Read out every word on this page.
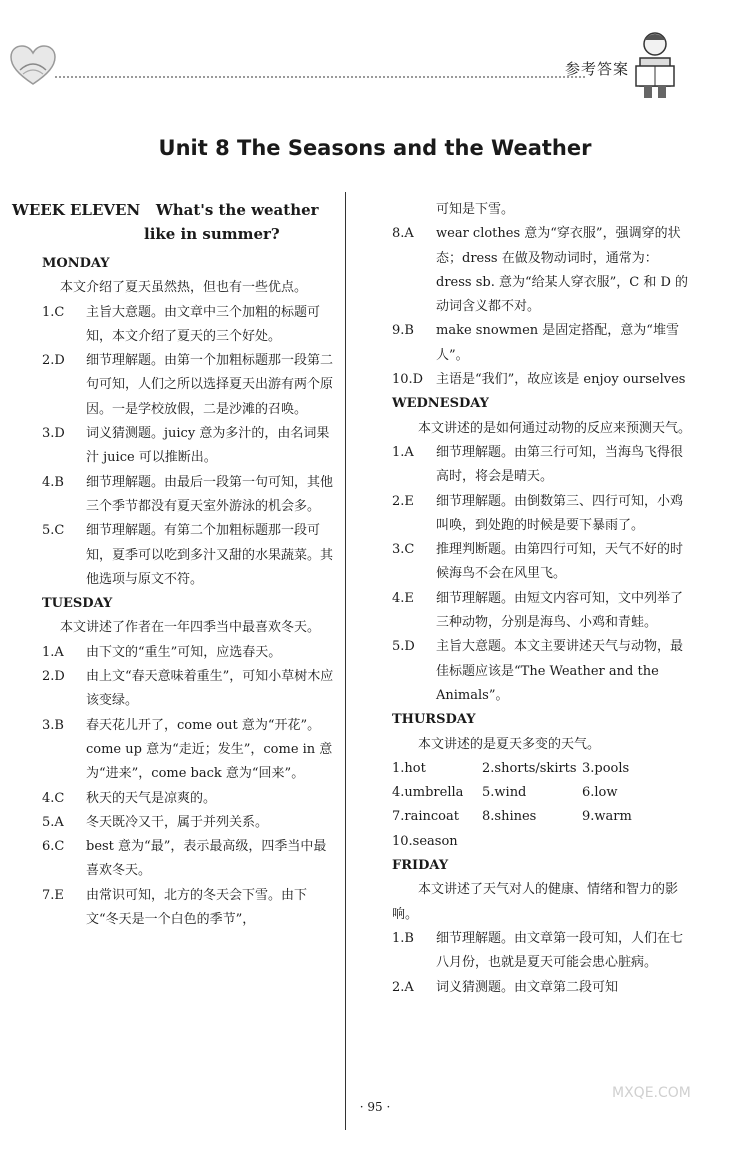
参考答案
Unit 8 The Seasons and the Weather
WEEK ELEVEN What's the weather
like in summer?
MONDAY
本文介绍了夏天虽然热，但也有一些优点。
1.C	主旨大意题。由文章中三个加粗的标题可知，本文介绍了夏天的三个好处。
2.D	细节理解题。由第一个加粗标题那一段第二句可知，人们之所以选择夏天出游有两个原因。一是学校放假，二是沙滩的召唤。
3.D	词义猜测题。juicy 意为多汁的，由名词果汁 juice 可以推断出。
4.B	细节理解题。由最后一段第一句可知，其他三个季节都没有夏天室外游泳的机会多。
5.C	细节理解题。有第二个加粗标题那一段可知，夏季可以吃到多汁又甜的水果蔬菜。其他选项与原文不符。
TUESDAY
本文讲述了作者在一年四季当中最喜欢冬天。
1.A	由下文的“重生”可知，应选春天。
2.D	由上文“春天意味着重生”，可知小草树木应该变绿。
3.B	春天花儿开了，come out 意为“开花”。come up 意为“走近；发生”，come in 意为“进来”，come back 意为“回来”。
4.C	秋天的天气是凉爽的。
5.A	冬天既冷又干，属于并列关系。
6.C	best 意为“最”，表示最高级，四季当中最喜欢冬天。
7.E	由常识可知，北方的冬天会下雪。由下文“冬天是一个白色的季节”，
可知是下雪。
8.A	wear clothes 意为“穿衣服”，强调穿的状态；dress 在做及物动词时，通常为：dress sb. 意为“给某人穿衣服”，C 和 D 的动词含义都不对。
9.B	make snowmen 是固定搭配，意为“堆雪人”。
10.D 主语是“我们”，故应该是 enjoy ourselves
WEDNESDAY
本文讲述的是如何通过动物的反应来预测天气。
1.A	细节理解题。由第三行可知，当海鸟飞得很高时，将会是晴天。
2.E	细节理解题。由倒数第三、四行可知，小鸡叫唤，到处跑的时候是要下暴雨了。
3.C	推理判断题。由第四行可知，天气不好的时候海鸟不会在风里飞。
4.E	细节理解题。由短文内容可知，文中列举了三种动物，分别是海鸟、小鸡和青蛙。
5.D	主旨大意题。本文主要讲述天气与动物，最佳标题应该是“The Weather and the Animals”。
THURSDAY
本文讲述的是夏天多变的天气。
1.hot	2.shorts/skirts 3.pools
4.umbrella	5.wind	6.low
7.raincoat	8.shines	9.warm
10.season
FRIDAY
本文讲述了天气对人的健康、情绪和智力的影响。
1.B	细节理解题。由文章第一段可知，人们在七八月份，也就是夏天可能会患心脏病。
2.A	词义猜测题。由文章第二段可知
· 95 ·
MXQE.COM
